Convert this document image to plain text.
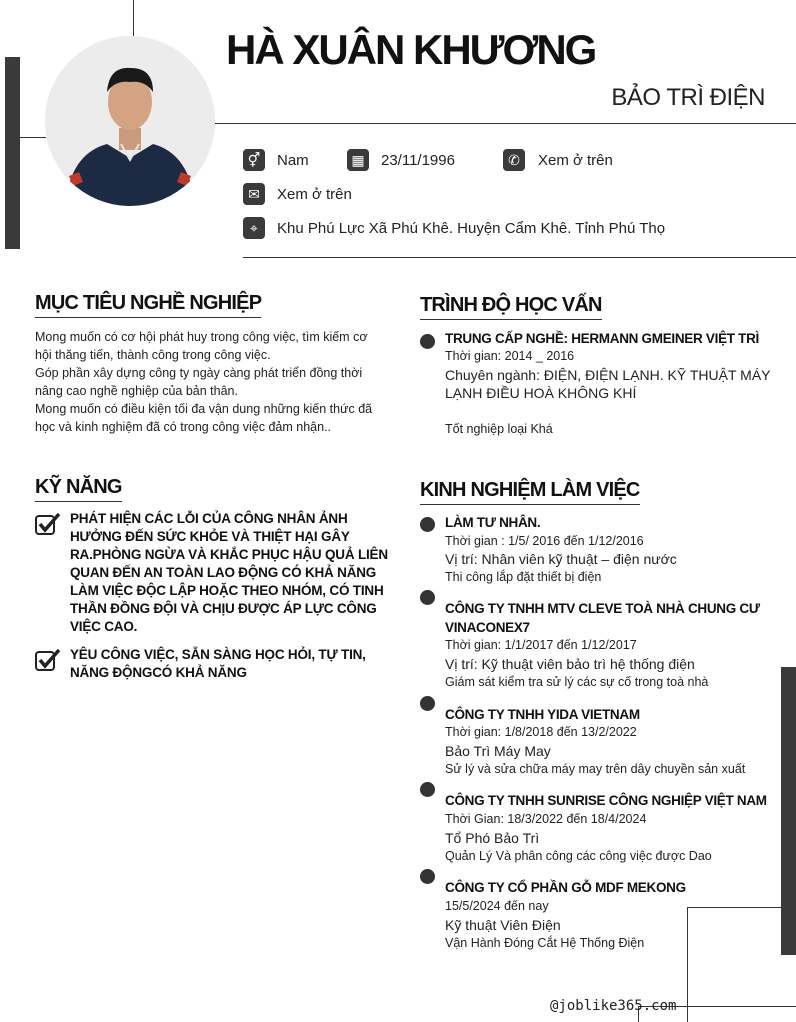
HÀ XUÂN KHƯƠNG
BẢO TRÌ ĐIỆN
⚥	Nam	▦ 23/11/1996	✆	Xem ở trên
✉	Xem ở trên
⌖	Khu Phú Lực Xã Phú Khê. Huyện Cẩm Khê. Tỉnh Phú Thọ
MỤC TIÊU NGHỀ NGHIỆP
Mong muốn có cơ hội phát huy trong công việc, tìm kiếm cơ
hội thăng tiến, thành công trong công việc.
Góp phần xây dựng công ty ngày càng phát triển đồng thời
nâng cao nghề nghiệp của bản thân.
Mong muốn có điều kiện tối đa vận dung những kiến thức đã
học và kinh nghiệm đã có trong công việc đảm nhận..
KỸ NĂNG
PHÁT HIỆN CÁC LỖI CỦA CÔNG NHÂN ẢNH
HƯỞNG ĐẾN SỨC KHỎE VÀ THIỆT HẠI GÂY
RA.PHÒNG NGỪA VÀ KHẮC PHỤC HẬU QUẢ LIÊN
QUAN ĐẾN AN TOÀN LAO ĐỘNG CÓ KHẢ NĂNG
LÀM VIỆC ĐỘC LẬP HOẶC THEO NHÓM, CÓ TINH
THẦN ĐỒNG ĐỘI VÀ CHỊU ĐƯỢC ÁP LỰC CÔNG
VIỆC CAO.
YÊU CÔNG VIỆC, SẴN SÀNG HỌC HỎI, TỰ TIN,
NĂNG ĐỘNGCÓ KHẢ NĂNG
TRÌNH ĐỘ HỌC VẤN
TRUNG CẤP NGHỀ: HERMANN GMEINER VIỆT TRÌ
Thời gian: 2014 _ 2016
Chuyên ngành: ĐIỆN, ĐIỆN LẠNH. KỸ THUẬT MÁY
LẠNH ĐIỀU HOÀ KHÔNG KHÍ
Tốt nghiệp loại Khá
KINH NGHIỆM LÀM VIỆC
LÀM TƯ NHÂN.
Thời gian : 1/5/ 2016 đến 1/12/2016
Vị trí: Nhân viên kỹ thuật – điện nước
Thi công lắp đặt thiết bị điện
CÔNG TY TNHH MTV CLEVE TOÀ NHÀ CHUNG CƯ
VINACONEX7
Thời gian: 1/1/2017 đến 1/12/2017
Vị trí: Kỹ thuật viên bảo trì hệ thống điện
Giám sát kiểm tra sử lý các sự cố trong toà nhà
CÔNG TY TNHH YIDA VIETNAM
Thời gian: 1/8/2018 đến 13/2/2022
Bảo Trì Máy May
Sử lý và sửa chữa máy may trên dây chuyền sản xuất
CÔNG TY TNHH SUNRISE CÔNG NGHIỆP VIỆT NAM
Thời Gian: 18/3/2022 đến 18/4/2024
Tổ Phó Bảo Trì
Quản Lý Và phân công các công việc được Dao
CÔNG TY CỔ PHẦN GỖ MDF MEKONG
15/5/2024 đến nay
Kỹ thuật Viên Điện
Vận Hành Đóng Cắt Hệ Thống Điện
@joblike365.com
